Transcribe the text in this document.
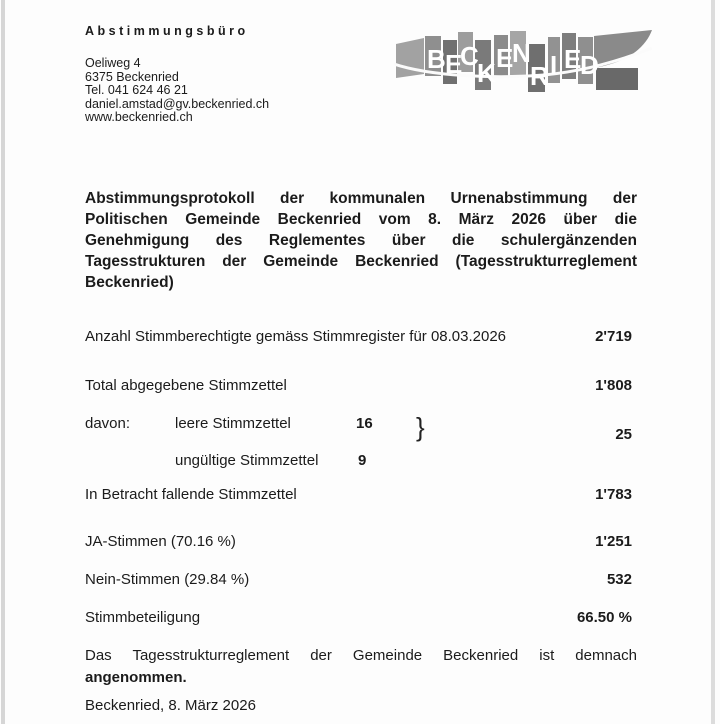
Abstimmungsbüro
Oeliweg 4
6375 Beckenried
Tel. 041 624 46 21
daniel.amstad@gv.beckenried.ch
www.beckenried.ch
B E
C
K E
N
R I E
D
Abstimmungsprotokoll der kommunalen Urnenabstimmung der
Politischen Gemeinde Beckenried vom 8. März 2026 über die
Genehmigung des Reglementes über die schulergänzenden
Tagesstrukturen der Gemeinde Beckenried (Tagesstrukturreglement
Beckenried)
Anzahl Stimmberechtigte gemäss Stimmregister für 08.03.2026	2'719
Total abgegebene Stimmzettel	1'808
davon:	leere Stimmzettel	16 }	25
ungültige Stimmzettel	9
In Betracht fallende Stimmzettel	1'783
JA-Stimmen (70.16 %)	1'251
Nein-Stimmen (29.84 %)	532
Stimmbeteiligung	66.50 %
Das Tagesstrukturreglement der Gemeinde Beckenried ist demnach
angenommen.
Beckenried, 8. März 2026
